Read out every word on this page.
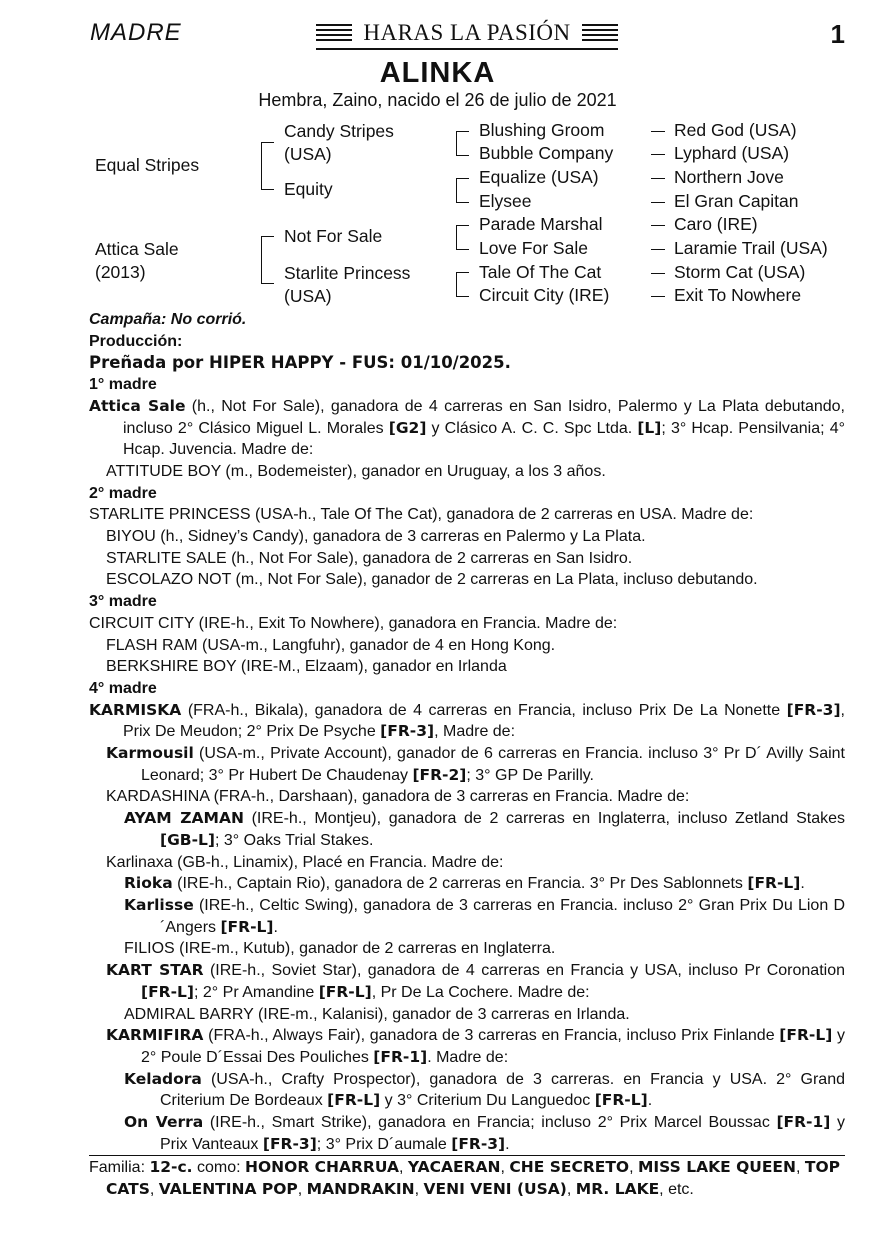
MADRE	HARAS LA PASIÓN	1
ALINKA
Hembra, Zaino, nacido el 26 de julio de 2021
Equal Stripes
Attica Sale
(2013)
Candy Stripes
(USA)
Equity
Not For Sale
Starlite Princess
(USA)
Blushing Groom
Bubble Company
Equalize (USA)
Elysee
Parade Marshal
Love For Sale
Tale Of The Cat
Circuit City (IRE)
Red God (USA)
Lyphard (USA)
Northern Jove
El Gran Capitan
Caro (IRE)
Laramie Trail (USA)
Storm Cat (USA)
Exit To Nowhere

Campaña: No corrió.

Producción:

Preñada por HIPER HAPPY - FUS: 01/10/2025.

1° madre

Attica Sale (h., Not For Sale), ganadora de 4 carreras en San Isidro, Palermo y La Plata debutando, incluso 2° Clásico Miguel L. Morales [G2] y Clásico A. C. C. Spc Ltda. [L]; 3° Hcap. Pensilvania; 4° Hcap. Juvencia. Madre de:

ATTITUDE BOY (m., Bodemeister), ganador en Uruguay, a los 3 años.

2° madre

STARLITE PRINCESS (USA-h., Tale Of The Cat), ganadora de 2 carreras en USA. Madre de:

BIYOU (h., Sidney’s Candy), ganadora de 3 carreras en Palermo y La Plata.

STARLITE SALE (h., Not For Sale), ganadora de 2 carreras en San Isidro.

ESCOLAZO NOT (m., Not For Sale), ganador de 2 carreras en La Plata, incluso debutando.

3° madre

CIRCUIT CITY (IRE-h., Exit To Nowhere), ganadora en Francia. Madre de:

FLASH RAM (USA-m., Langfuhr), ganador de 4 en Hong Kong.

BERKSHIRE BOY (IRE-M., Elzaam), ganador en Irlanda

4° madre

KARMISKA (FRA-h., Bikala), ganadora de 4 carreras en Francia, incluso Prix De La Nonette [FR-3], Prix De Meudon; 2° Prix De Psyche [FR-3], Madre de:

Karmousil (USA-m., Private Account), ganador de 6 carreras en Francia. incluso 3° Pr D´ Avilly Saint Leonard; 3° Pr Hubert De Chaudenay [FR-2]; 3° GP De Parilly.

KARDASHINA (FRA-h., Darshaan), ganadora de 3 carreras en Francia. Madre de:

AYAM ZAMAN (IRE-h., Montjeu), ganadora de 2 carreras en Inglaterra, incluso Zetland Stakes [GB-L]; 3° Oaks Trial Stakes.

Karlinaxa (GB-h., Linamix), Placé en Francia. Madre de:

Rioka (IRE-h., Captain Rio), ganadora de 2 carreras en Francia. 3° Pr Des Sablonnets [FR-L].

Karlisse (IRE-h., Celtic Swing), ganadora de 3 carreras en Francia. incluso 2° Gran Prix Du Lion D´Angers [FR-L].

FILIOS (IRE-m., Kutub), ganador de 2 carreras en Inglaterra.

KART STAR (IRE-h., Soviet Star), ganadora de 4 carreras en Francia y USA, incluso Pr Coronation [FR-L]; 2° Pr Amandine [FR-L], Pr De La Cochere. Madre de:

ADMIRAL BARRY (IRE-m., Kalanisi), ganador de 3 carreras en Irlanda.

KARMIFIRA (FRA-h., Always Fair), ganadora de 3 carreras en Francia, incluso Prix Finlande [FR-L] y 2° Poule D´Essai Des Pouliches [FR-1]. Madre de:

Keladora (USA-h., Crafty Prospector), ganadora de 3 carreras. en Francia y USA. 2° Grand Criterium De Bordeaux [FR-L] y 3° Criterium Du Languedoc [FR-L].

On Verra (IRE-h., Smart Strike), ganadora en Francia; incluso 2° Prix Marcel Boussac [FR-1] y Prix Vanteaux [FR-3]; 3° Prix D´aumale [FR-3].

Familia: 12-c. como: HONOR CHARRUA, YACAERAN, CHE SECRETO, MISS LAKE QUEEN, TOP CATS, VALENTINA POP, MANDRAKIN, VENI VENI (USA), MR. LAKE, etc.
